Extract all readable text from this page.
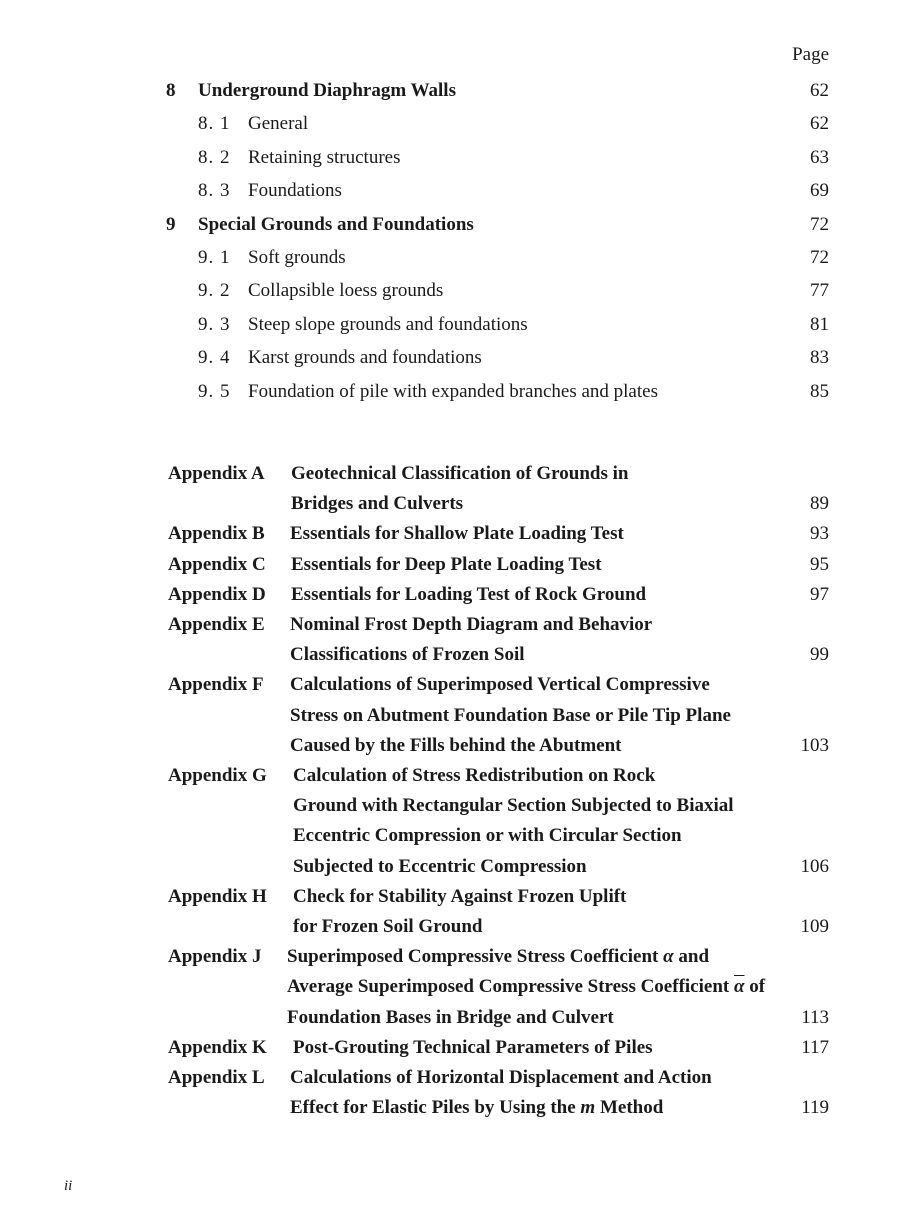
Page
8 Underground Diaphragm Walls	62
8. 1 General	62
8. 2 Retaining structures	63
8. 3 Foundations	69
9 Special Grounds and Foundations	72
9. 1 Soft grounds	72
9. 2 Collapsible loess grounds	77
9. 3 Steep slope grounds and foundations	81
9. 4 Karst grounds and foundations	83
9. 5 Foundation of pile with expanded branches and plates	85
Appendix A Geotechnical Classification of Grounds in
Bridges and Culverts	89
Appendix B Essentials for Shallow Plate Loading Test	93
Appendix C Essentials for Deep Plate Loading Test	95
Appendix D Essentials for Loading Test of Rock Ground	97
Appendix E Nominal Frost Depth Diagram and Behavior
Classifications of Frozen Soil	99
Appendix F Calculations of Superimposed Vertical Compressive
Stress on Abutment Foundation Base or Pile Tip Plane
Caused by the Fills behind the Abutment	103
Appendix G Calculation of Stress Redistribution on Rock
Ground with Rectangular Section Subjected to Biaxial
Eccentric Compression or with Circular Section
Subjected to Eccentric Compression	106
Appendix H Check for Stability Against Frozen Uplift
for Frozen Soil Ground	109
Appendix J Superimposed Compressive Stress Coefficient α and
Average Superimposed Compressive Stress Coefficient $\overline{\alpha}$ of
Foundation Bases in Bridge and Culvert	113
Appendix K Post-Grouting Technical Parameters of Piles	117
Appendix L Calculations of Horizontal Displacement and Action
Effect for Elastic Piles by Using the m Method	119
ii
